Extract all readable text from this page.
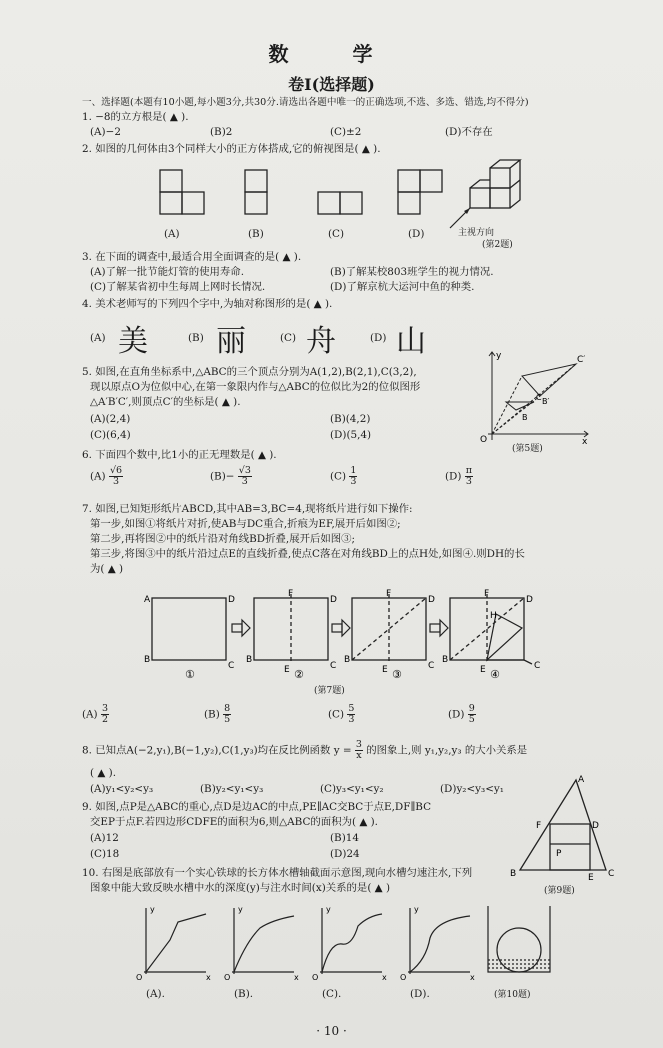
数　学
卷Ⅰ(选择题)
一、选择题(本题有10小题,每小题3分,共30分.请选出各题中唯一的正确选项,不选、多选、错选,均不得分)
1. −8的立方根是( ▲ ).
(A)−2	(B)2	(C)±2	(D)不存在
2. 如图的几何体由3个同样大小的正方体搭成,它的俯视图是( ▲ ).
(A)	(B)	(C)	(D)	主视方向
(第2题)
3. 在下面的调查中,最适合用全面调查的是( ▲ ).
(A)了解一批节能灯管的使用寿命.	(B)了解某校803班学生的视力情况.
(C)了解某省初中生每周上网时长情况.	(D)了解京杭大运河中鱼的种类.
4. 美术老师写的下列四个字中,为轴对称图形的是( ▲ ).
(A) 美	(B) 丽	(C) 舟	(D) 山
5. 如图,在直角坐标系中,△ABC的三个顶点分别为A(1,2),B(2,1),C(3,2),
现以原点O为位似中心,在第一象限内作与△ABC的位似比为2的位似图形
△A′B′C′,则顶点C′的坐标是( ▲ ).
(A)(2,4)	(B)(4,2)
(C)(6,4)	(D)(5,4)	O	x
y	C′
B′
B
C
(第5题)
6. 下面四个数中,比1小的正无理数是( ▲ ).
$(A) \frac{√6}{3}$	$(B)- \frac{√3}{3}$	$(C) \frac{1}{3}$	$(D) \frac{\pi}{3}$
7. 如图,已知矩形纸片ABCD,其中AB=3,BC=4,现将纸片进行如下操作:
第一步,如图①将纸片对折,使AB与DC重合,折痕为EF,展开后如图②;
第二步,再将图②中的纸片沿对角线BD折叠,展开后如图③;
第三步,将图③中的纸片沿过点E的直线折叠,使点C落在对角线BD上的点H处,如图④.则DH的长
为( ▲ )
A	D
B
C
F
D
B
C
E
F
D
B
C
E
F
D
B
C
E
H
①	②	③	④
(第7题)
$(A) \frac{3}{2}$	$(B) \frac{8}{5}$	$(C) \frac{5}{3}$	$(D) \frac{9}{5}$
8. 已知点A(−2,y₁),B(−1,y₂),C(1,y₃)均在反比例函数 $y = \frac{3}{x}$ 的图象上,则 y₁,y₂,y₃ 的大小关系是
( ▲ ).
(A)y₁<y₂<y₃	(B)y₂<y₁<y₃	(C)y₃<y₁<y₂	(D)y₂<y₃<y₁
9. 如图,点P是△ABC的重心,点D是边AC的中点,PE∥AC交BC于点E,DF∥BC
交EP于点F.若四边形CDFE的面积为6,则△ABC的面积为( ▲ ).
(A)12	(B)14
(C)18	(D)24
A
B	C
D
F
P
E
(第9题)
10. 右图是底部放有一个实心铁球的长方体水槽轴截面示意图,现向水槽匀速注水,下列
图象中能大致反映水槽中水的深度(y)与注水时间(x)关系的是( ▲ )
y
O	x
y
O	x
y
O	x
y
O	x
(A).	(B).	(C).	(D).	(第10题)
· 10 ·
